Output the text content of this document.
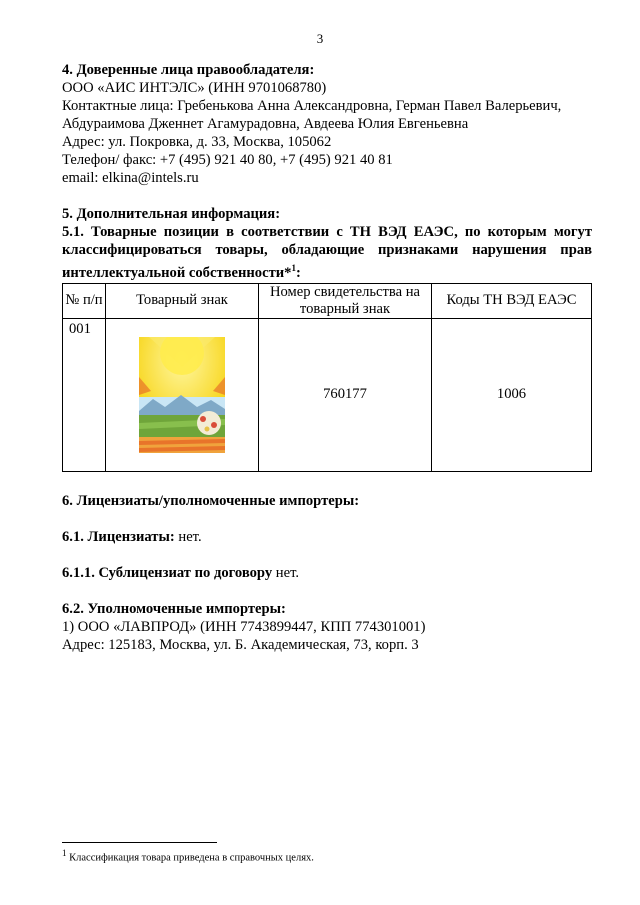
3

4. Доверенные лица правообладателя:

ООО «АИС ИНТЭЛС» (ИНН 9701068780)

Контактные лица: Гребенькова Анна Александровна, Герман Павел Валерьевич,

Абдураимова Дженнет Агамурадовна, Авдеева Юлия Евгеньевна

Адрес: ул. Покровка, д. 33, Москва, 105062

Телефон/ факс: +7 (495) 921 40 80, +7 (495) 921 40 81

email: elkina@intels.ru

5. Дополнительная информация:

5.1. Товарные позиции в соответствии с ТН ВЭД ЕАЭС, по которым могут классифицироваться товары, обладающие признаками нарушения прав интеллектуальной собственности*$^1$:

№ п/п	Товарный знак	Номер свидетельства на товарный знак	Коды ТН ВЭД ЕАЭС
001		760177	1006

6. Лицензиаты/уполномоченные импортеры:

6.1. Лицензиаты: нет.

6.1.1. Сублицензиат по договору нет.

6.2. Уполномоченные импортеры:

1) ООО «ЛАВПРОД» (ИНН 7743899447, КПП 774301001)

Адрес: 125183, Москва, ул. Б. Академическая, 73, корп. 3

$^1$ Классификация товара приведена в справочных целях.
